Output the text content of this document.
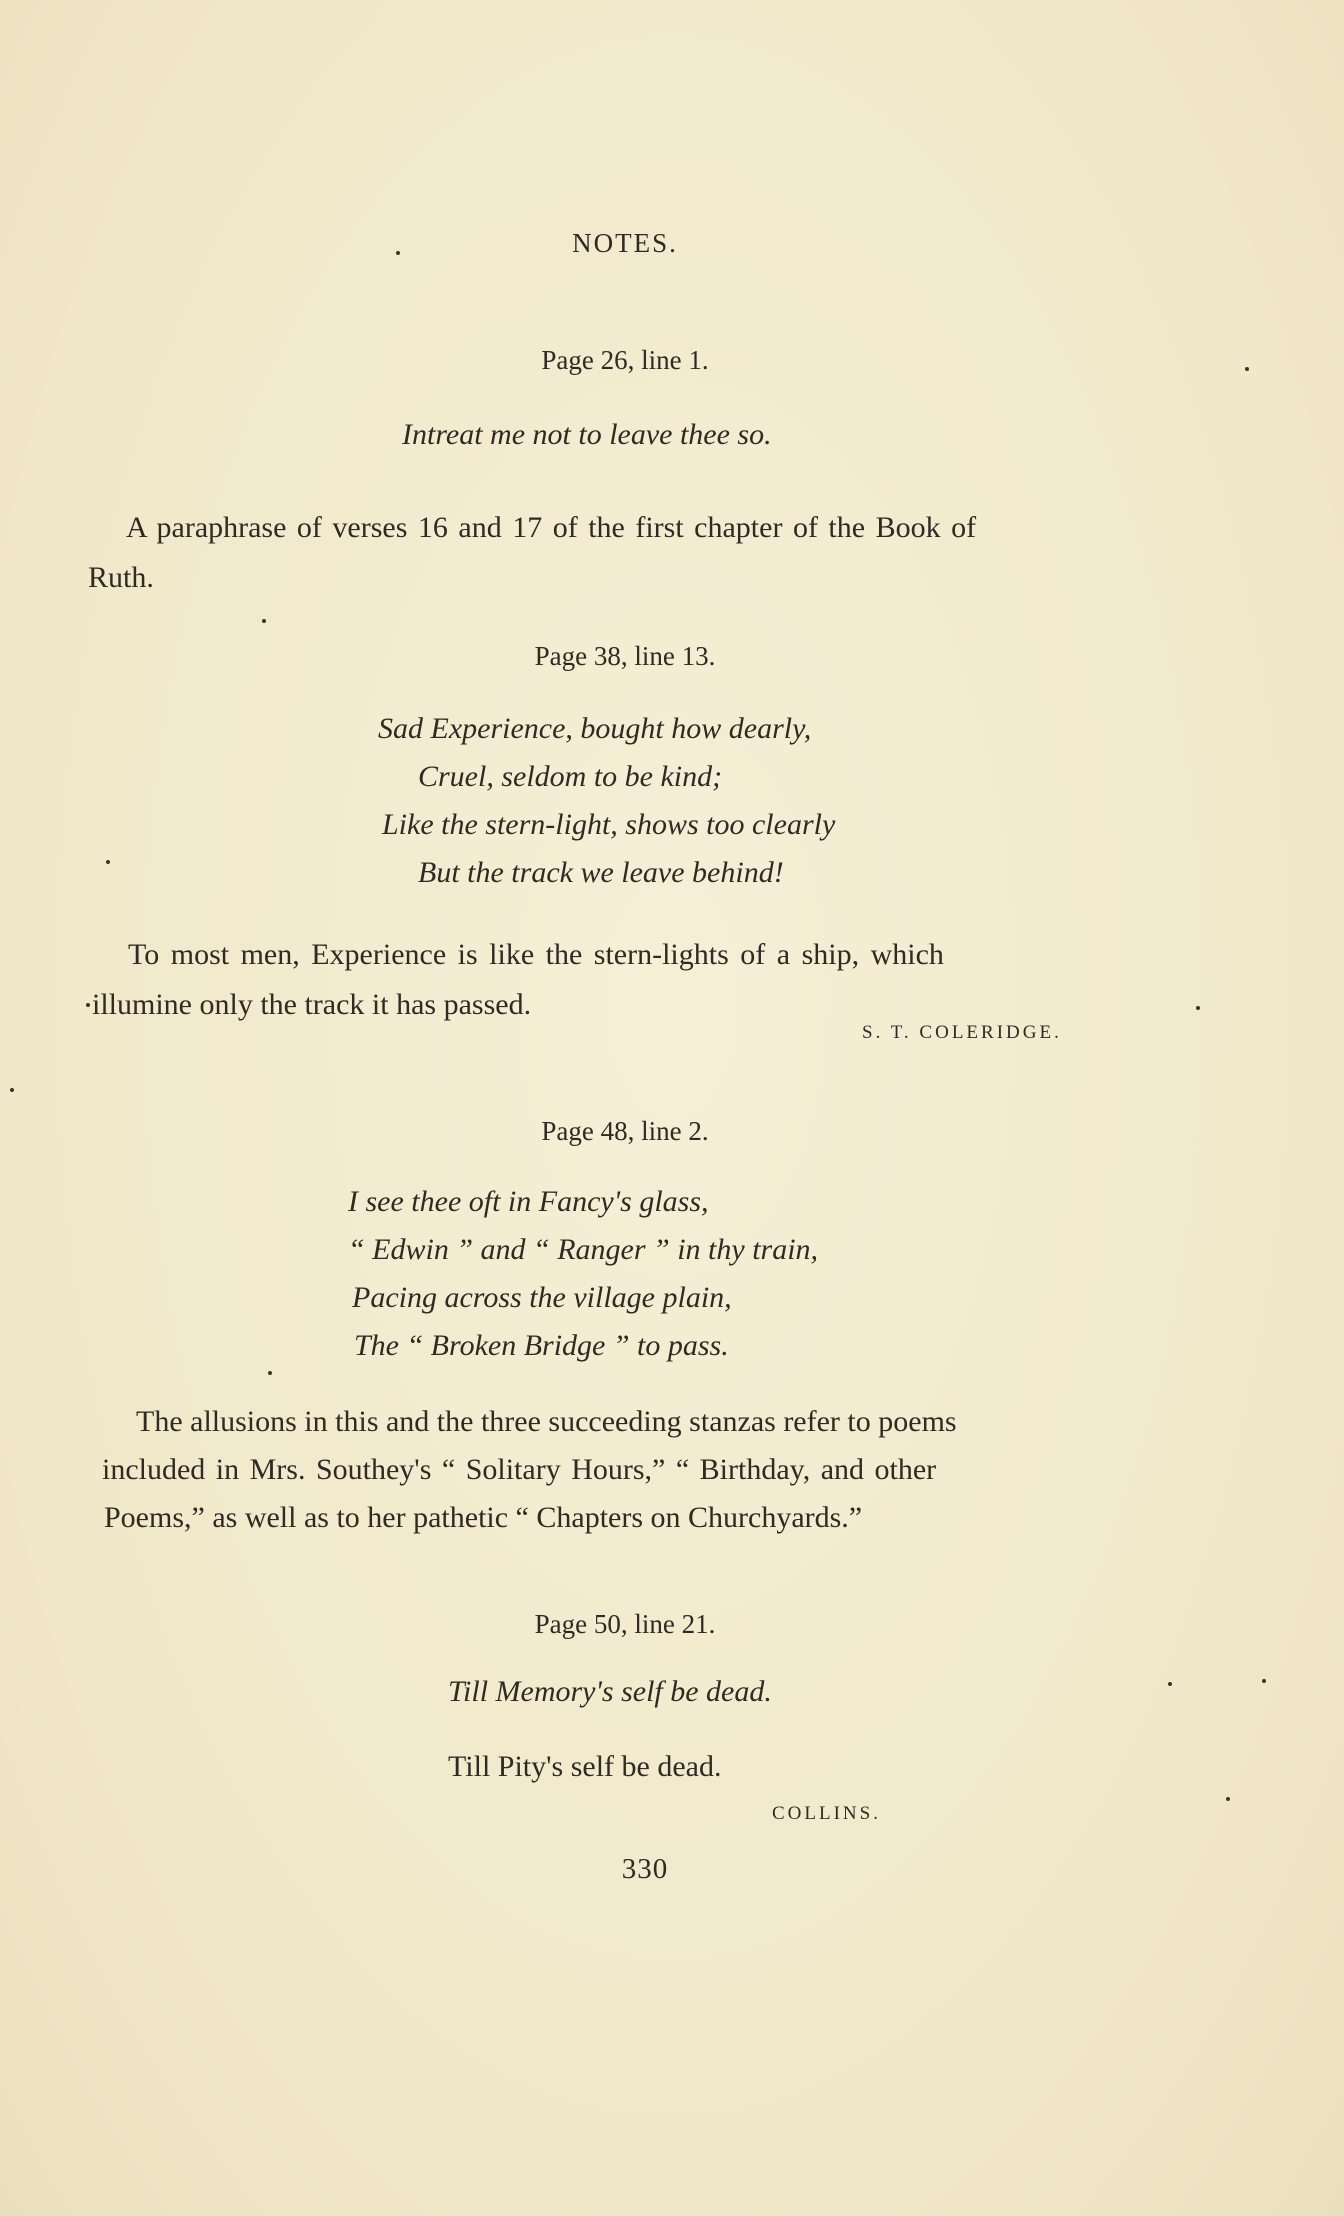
NOTES.
Page 26, line 1.
Intreat me not to leave thee so.
A paraphrase of verses 16 and 17 of the first chapter of the Book of
Ruth.
Page 38, line 13.
Sad Experience, bought how dearly,
Cruel, seldom to be kind;
Like the stern-light, shows too clearly
But the track we leave behind!
To most men, Experience is like the stern-lights of a ship, which
illumine only the track it has passed.
S. T. COLERIDGE.
Page 48, line 2.
I see thee oft in Fancy's glass,
“ Edwin ” and “ Ranger ” in thy train,
Pacing across the village plain,
The “ Broken Bridge ” to pass.
The allusions in this and the three succeeding stanzas refer to poems
included in Mrs. Southey's “ Solitary Hours,” “ Birthday, and other
Poems,” as well as to her pathetic “ Chapters on Churchyards.”
Page 50, line 21.
Till Memory's self be dead.
Till Pity's self be dead.
COLLINS.
330
